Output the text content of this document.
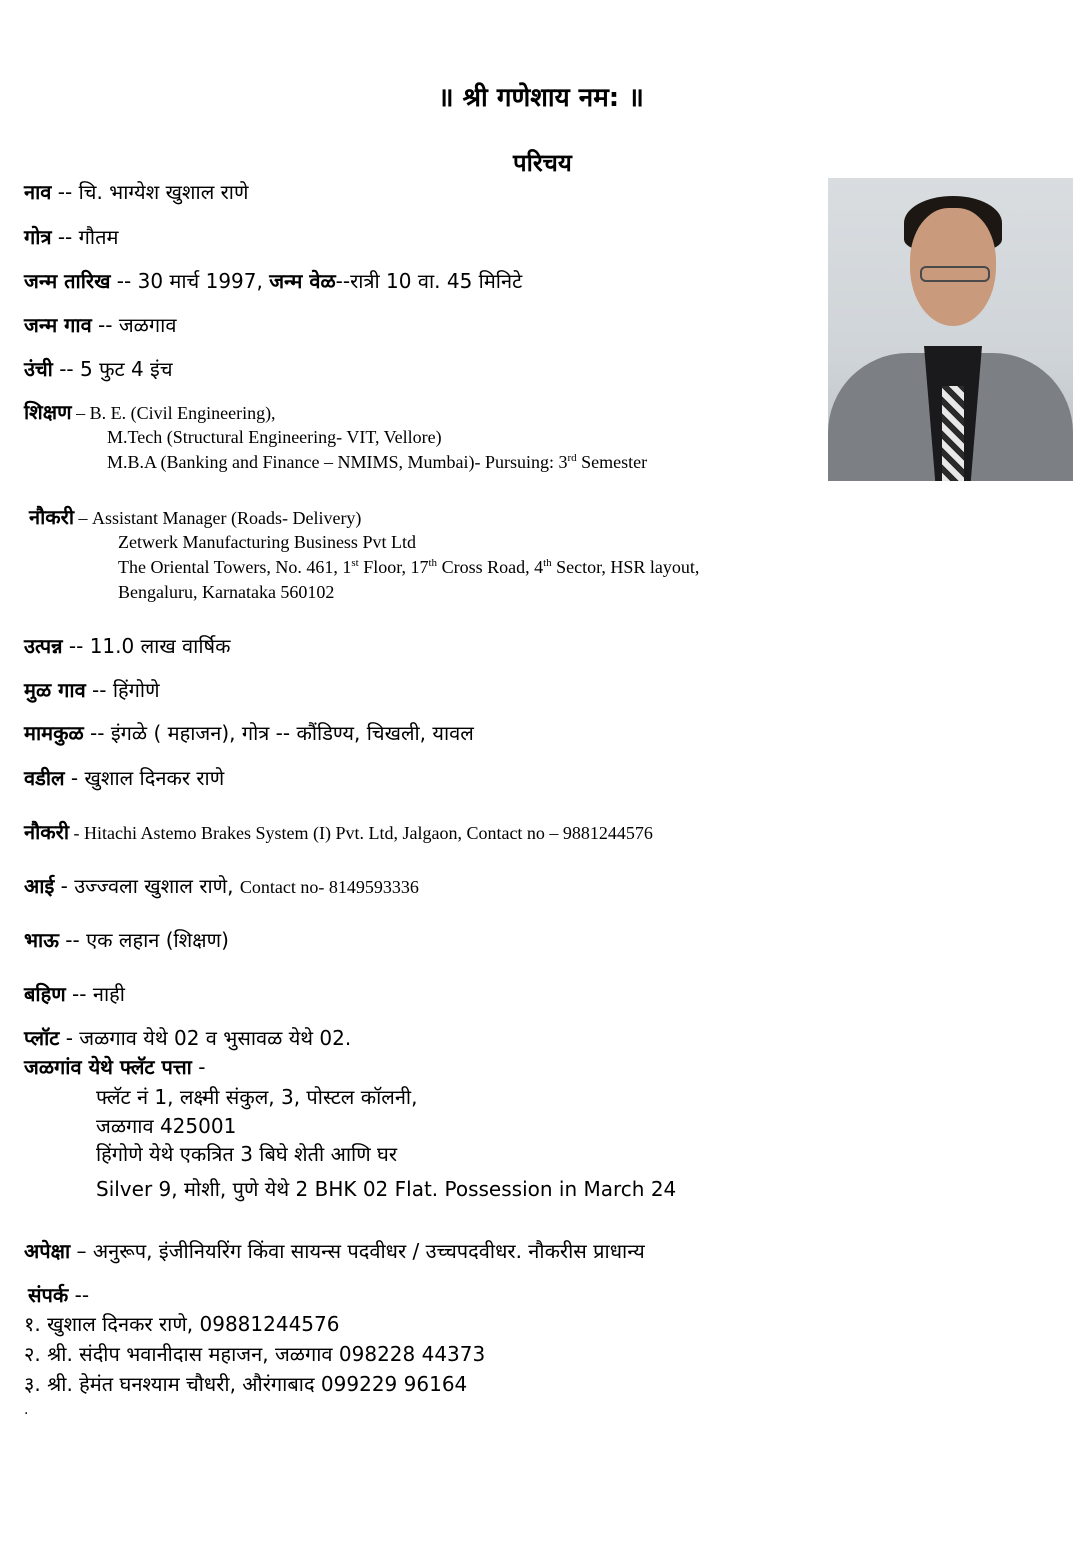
॥ श्री गणेशाय नम: ॥
परिचय
नाव -- चि. भाग्येश खुशाल राणे
गोत्र -- गौतम
जन्म तारिख -- 30 मार्च 1997, जन्म वेळ--रात्री 10 वा. 45 मिनिटे
जन्म गाव -- जळगाव
उंची -- 5 फुट 4 इंच
शिक्षण – B. E. (Civil Engineering),
M.Tech (Structural Engineering- VIT, Vellore)
M.B.A (Banking and Finance – NMIMS, Mumbai)- Pursuing: 3rd Semester
नौकरी – Assistant Manager (Roads- Delivery)
Zetwerk Manufacturing Business Pvt Ltd
The Oriental Towers, No. 461, 1st Floor, 17th Cross Road, 4th Sector, HSR layout,
Bengaluru, Karnataka 560102
उत्पन्न -- 11.0 लाख वार्षिक
मुळ गाव -- हिंगोणे
मामकुळ -- इंगळे ( महाजन), गोत्र -- कौंडिण्य, चिखली, यावल
वडील - खुशाल दिनकर राणे
नौकरी - Hitachi Astemo Brakes System (I) Pvt. Ltd, Jalgaon, Contact no – 9881244576
आई - उज्ज्वला खुशाल राणे, Contact no- 8149593336
भाऊ -- एक लहान (शिक्षण)
बहिण -- नाही
प्लॉट - जळगाव येथे 02 व भुसावळ येथे 02.
जळगांव येथे फ्लॅट पत्ता -
फ्लॅट नं 1, लक्ष्मी संकुल, 3, पोस्टल कॉलनी,
जळगाव 425001
हिंगोणे येथे एकत्रित 3 बिघे शेती आणि घर
Silver 9, मोशी, पुणे येथे 2 BHK 02 Flat. Possession in March 24
अपेक्षा – अनुरूप, इंजीनियरिंग किंवा सायन्स पदवीधर / उच्चपदवीधर. नौकरीस प्राधान्य
संपर्क --
१. खुशाल दिनकर राणे, 09881244576
२. श्री. संदीप भवानीदास महाजन, जळगाव 098228 44373
३. श्री. हेमंत घनश्याम चौधरी, औरंगाबाद 099229 96164
.
